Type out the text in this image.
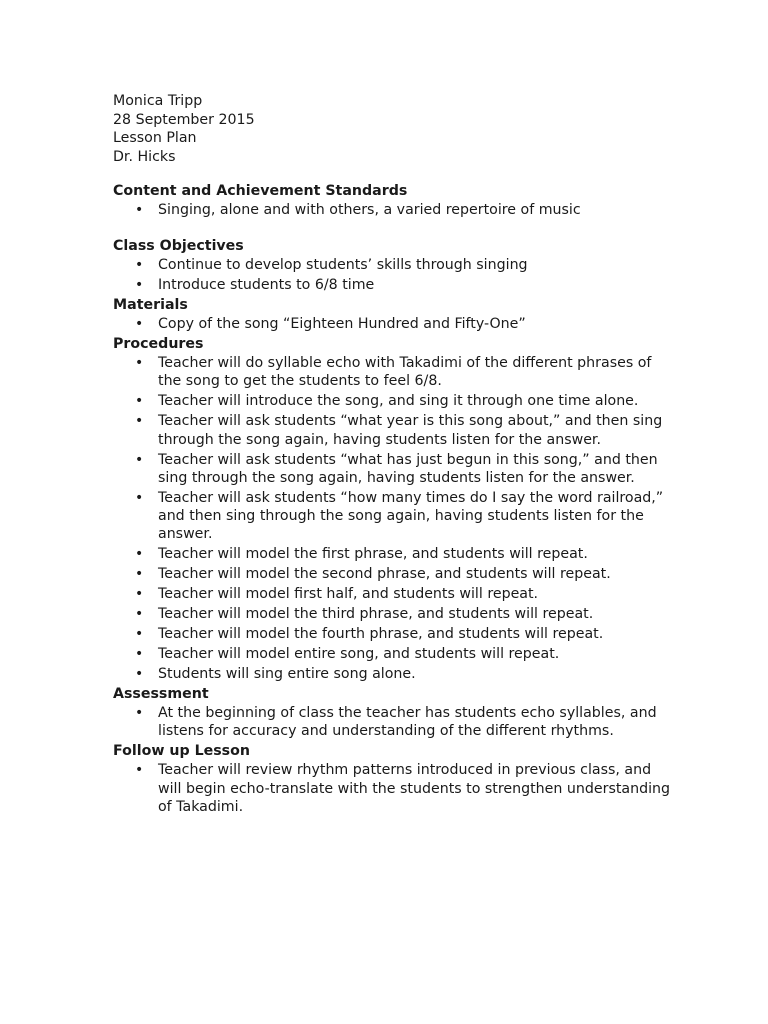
Monica Tripp
28 September 2015
Lesson Plan
Dr. Hicks
Content and Achievement Standards
• Singing, alone and with others, a varied repertoire of music
Class Objectives
• Continue to develop students’ skills through singing
• Introduce students to 6/8 time
Materials
• Copy of the song “Eighteen Hundred and Fifty-One”
Procedures
• Teacher will do syllable echo with Takadimi of the different phrases of the song to get the students to feel 6/8.
• Teacher will introduce the song, and sing it through one time alone.
• Teacher will ask students “what year is this song about,” and then sing through the song again, having students listen for the answer.
• Teacher will ask students “what has just begun in this song,” and then sing through the song again, having students listen for the answer.
• Teacher will ask students “how many times do I say the word railroad,” and then sing through the song again, having students listen for the answer.
• Teacher will model the first phrase, and students will repeat.
• Teacher will model the second phrase, and students will repeat.
• Teacher will model first half, and students will repeat.
• Teacher will model the third phrase, and students will repeat.
• Teacher will model the fourth phrase, and students will repeat.
• Teacher will model entire song, and students will repeat.
• Students will sing entire song alone.
Assessment
• At the beginning of class the teacher has students echo syllables, and listens for accuracy and understanding of the different rhythms.
Follow up Lesson
• Teacher will review rhythm patterns introduced in previous class, and will begin echo-translate with the students to strengthen understanding of Takadimi.
